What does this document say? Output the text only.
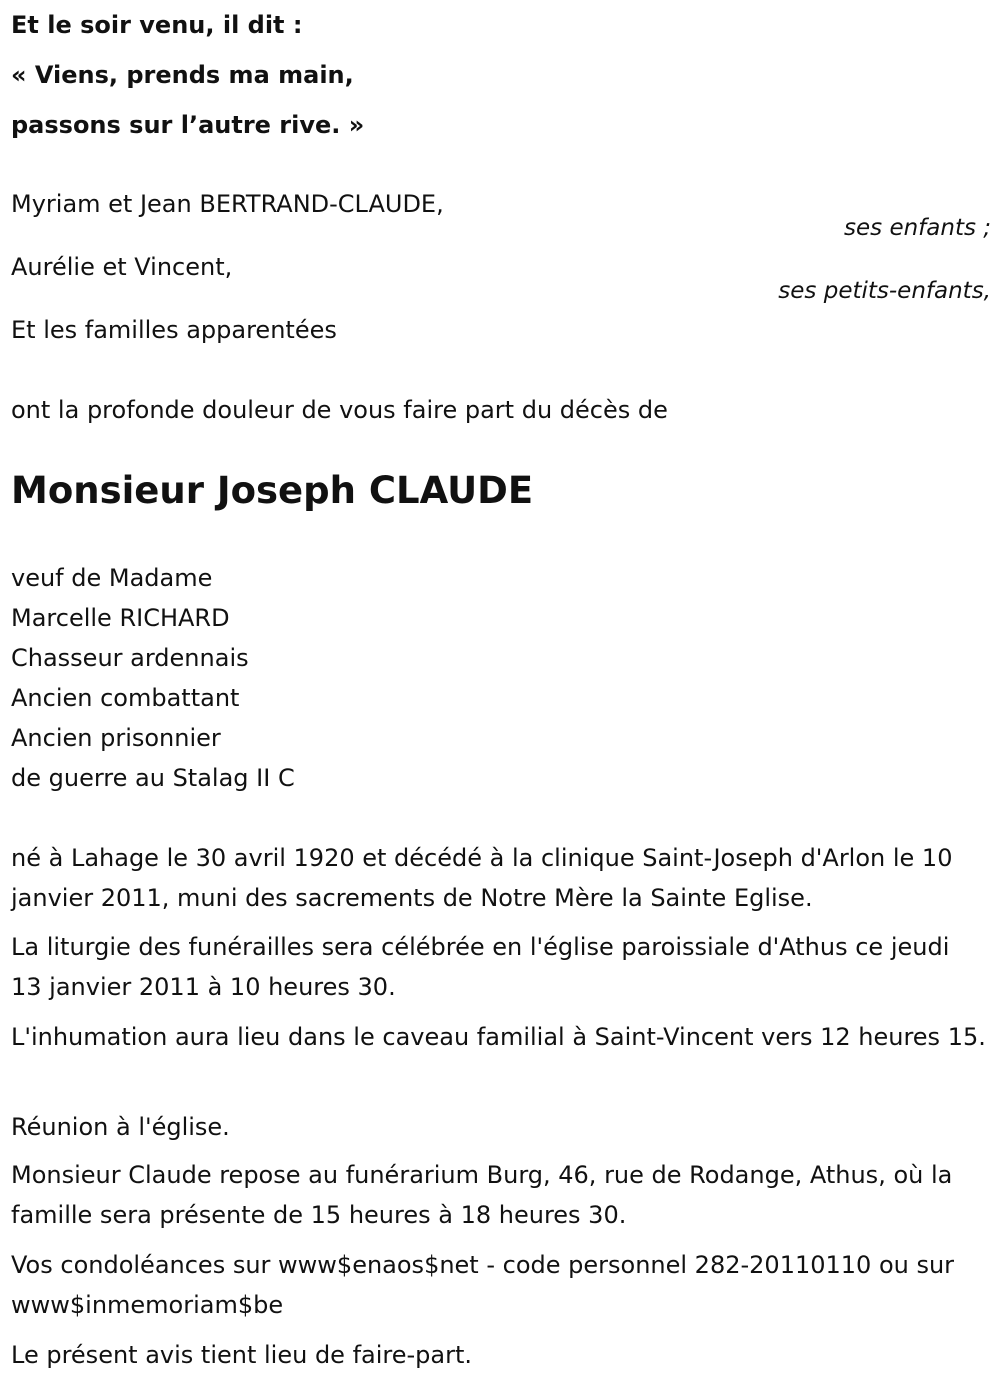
Et le soir venu, il dit :
« Viens, prends ma main,
passons sur l’autre rive. »
Myriam et Jean BERTRAND-CLAUDE,
ses enfants ;
Aurélie et Vincent,
ses petits-enfants,
Et les familles apparentées
ont la profonde douleur de vous faire part du décès de
Monsieur Joseph CLAUDE
veuf de Madame
Marcelle RICHARD
Chasseur ardennais
Ancien combattant
Ancien prisonnier
de guerre au Stalag II C
né à Lahage le 30 avril 1920 et décédé à la clinique Saint-Joseph d'Arlon le 10 janvier 2011, muni des sacrements de Notre Mère la Sainte Eglise.
La liturgie des funérailles sera célébrée en l'église paroissiale d'Athus ce jeudi 13 janvier 2011 à 10 heures 30.
L'inhumation aura lieu dans le caveau familial à Saint-Vincent vers 12 heures 15.
Réunion à l'église.
Monsieur Claude repose au funérarium Burg, 46, rue de Rodange, Athus, où la famille sera présente de 15 heures à 18 heures 30.
Vos condoléances sur www$enaos$net - code personnel 282-20110110 ou sur www$inmemoriam$be
Le présent avis tient lieu de faire-part.
